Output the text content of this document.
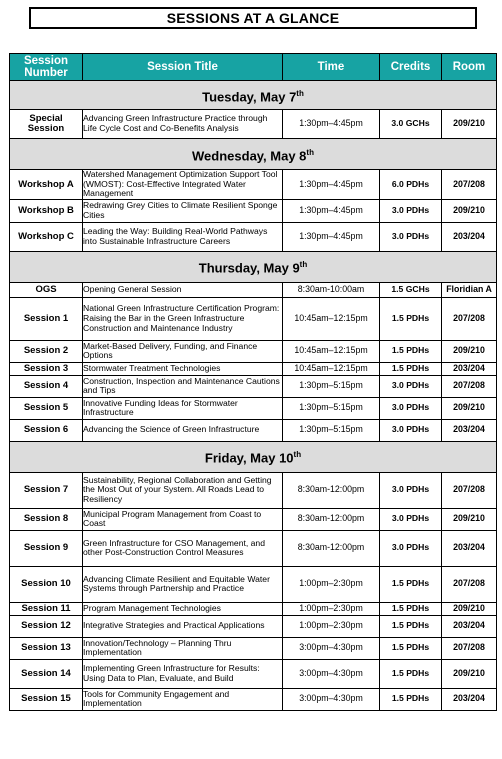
SESSIONS AT A GLANCE
Session Number	Session Title	Time	Credits	Room
Tuesday, May 7th
Special Session	Advancing Green Infrastructure Practice through Life Cycle Cost and Co-Benefits Analysis	1:30pm–4:45pm	3.0 GCHs	209/210
Wednesday, May 8th
Workshop A	Watershed Management Optimization Support Tool (WMOST): Cost-Effective Integrated Water Management	1:30pm–4:45pm	6.0 PDHs	207/208
Workshop B	Redrawing Grey Cities to Climate Resilient Sponge Cities	1:30pm–4:45pm	3.0 PDHs	209/210
Workshop C	Leading the Way: Building Real-World Pathways into Sustainable Infrastructure Careers	1:30pm–4:45pm	3.0 PDHs	203/204
Thursday, May 9th
OGS	Opening General Session	8:30am-10:00am	1.5 GCHs	Floridian A
Session 1	National Green Infrastructure Certification Program: Raising the Bar in the Green Infrastructure Construction and Maintenance Industry	10:45am–12:15pm	1.5 PDHs	207/208
Session 2	Market-Based Delivery, Funding, and Finance Options	10:45am–12:15pm	1.5 PDHs	209/210
Session 3	Stormwater Treatment Technologies	10:45am–12:15pm	1.5 PDHs	203/204
Session 4	Construction, Inspection and Maintenance Cautions and Tips	1:30pm–5:15pm	3.0 PDHs	207/208
Session 5	Innovative Funding Ideas for Stormwater Infrastructure	1:30pm–5:15pm	3.0 PDHs	209/210
Session 6	Advancing the Science of Green Infrastructure	1:30pm–5:15pm	3.0 PDHs	203/204
Friday, May 10th
Session 7	Sustainability, Regional Collaboration and Getting the Most Out of your System. All Roads Lead to Resiliency	8:30am-12:00pm	3.0 PDHs	207/208
Session 8	Municipal Program Management from Coast to Coast	8:30am-12:00pm	3.0 PDHs	209/210
Session 9	Green Infrastructure for CSO Management, and other Post-Construction Control Measures	8:30am-12:00pm	3.0 PDHs	203/204
Session 10	Advancing Climate Resilient and Equitable Water Systems through Partnership and Practice	1:00pm–2:30pm	1.5 PDHs	207/208
Session 11	Program Management Technologies	1:00pm–2:30pm	1.5 PDHs	209/210
Session 12	Integrative Strategies and Practical Applications	1:00pm–2:30pm	1.5 PDHs	203/204
Session 13	Innovation/Technology – Planning Thru Implementation	3:00pm–4:30pm	1.5 PDHs	207/208
Session 14	Implementing Green Infrastructure for Results: Using Data to Plan, Evaluate, and Build	3:00pm–4:30pm	1.5 PDHs	209/210
Session 15	Tools for Community Engagement and Implementation	3:00pm–4:30pm	1.5 PDHs	203/204
